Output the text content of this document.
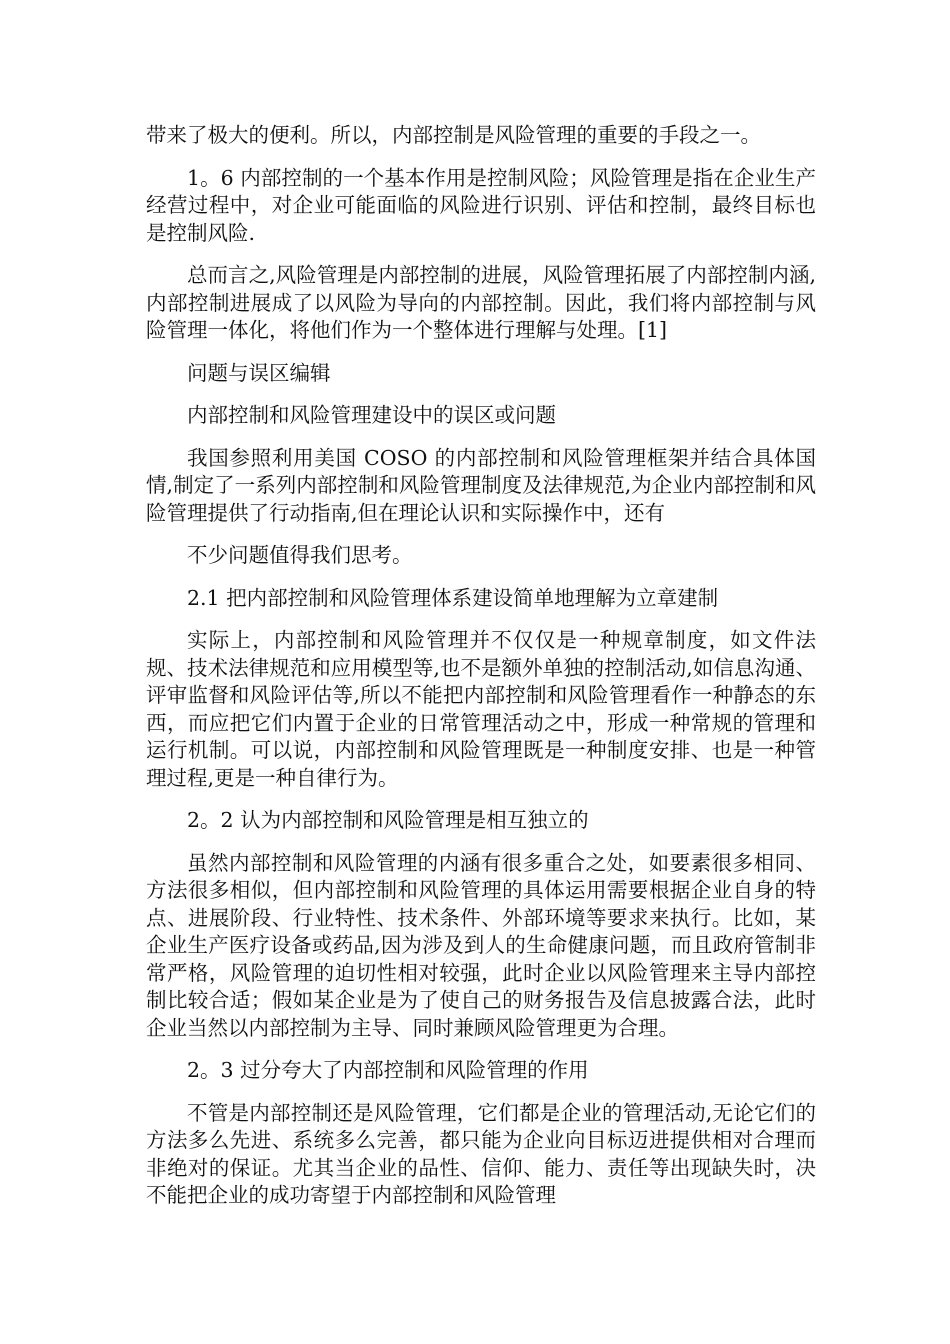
带来了极大的便利。所以，内部控制是风险管理的重要的手段之一。

1。6 内部控制的一个基本作用是控制风险；风险管理是指在企业生产经营过程中，对企业可能面临的风险进行识别、评估和控制，最终目标也是控制风险.

总而言之,风险管理是内部控制的进展，风险管理拓展了内部控制内涵,内部控制进展成了以风险为导向的内部控制。因此，我们将内部控制与风险管理一体化，将他们作为一个整体进行理解与处理。[1]

问题与误区编辑

内部控制和风险管理建设中的误区或问题

我国参照利用美国 COSO 的内部控制和风险管理框架并结合具体国情,制定了一系列内部控制和风险管理制度及法律规范,为企业内部控制和风险管理提供了行动指南,但在理论认识和实际操作中，还有

不少问题值得我们思考。

2.1 把内部控制和风险管理体系建设简单地理解为立章建制

实际上，内部控制和风险管理并不仅仅是一种规章制度，如文件法规、技术法律规范和应用模型等,也不是额外单独的控制活动,如信息沟通、评审监督和风险评估等,所以不能把内部控制和风险管理看作一种静态的东西，而应把它们内置于企业的日常管理活动之中，形成一种常规的管理和运行机制。可以说，内部控制和风险管理既是一种制度安排、也是一种管理过程,更是一种自律行为。

2。2 认为内部控制和风险管理是相互独立的

虽然内部控制和风险管理的内涵有很多重合之处，如要素很多相同、方法很多相似，但内部控制和风险管理的具体运用需要根据企业自身的特点、进展阶段、行业特性、技术条件、外部环境等要求来执行。比如，某企业生产医疗设备或药品,因为涉及到人的生命健康问题，而且政府管制非常严格，风险管理的迫切性相对较强，此时企业以风险管理来主导内部控制比较合适；假如某企业是为了使自己的财务报告及信息披露合法，此时企业当然以内部控制为主导、同时兼顾风险管理更为合理。

2。3 过分夸大了内部控制和风险管理的作用

不管是内部控制还是风险管理，它们都是企业的管理活动,无论它们的方法多么先进、系统多么完善，都只能为企业向目标迈进提供相对合理而非绝对的保证。尤其当企业的品性、信仰、能力、责任等出现缺失时，决不能把企业的成功寄望于内部控制和风险管理
